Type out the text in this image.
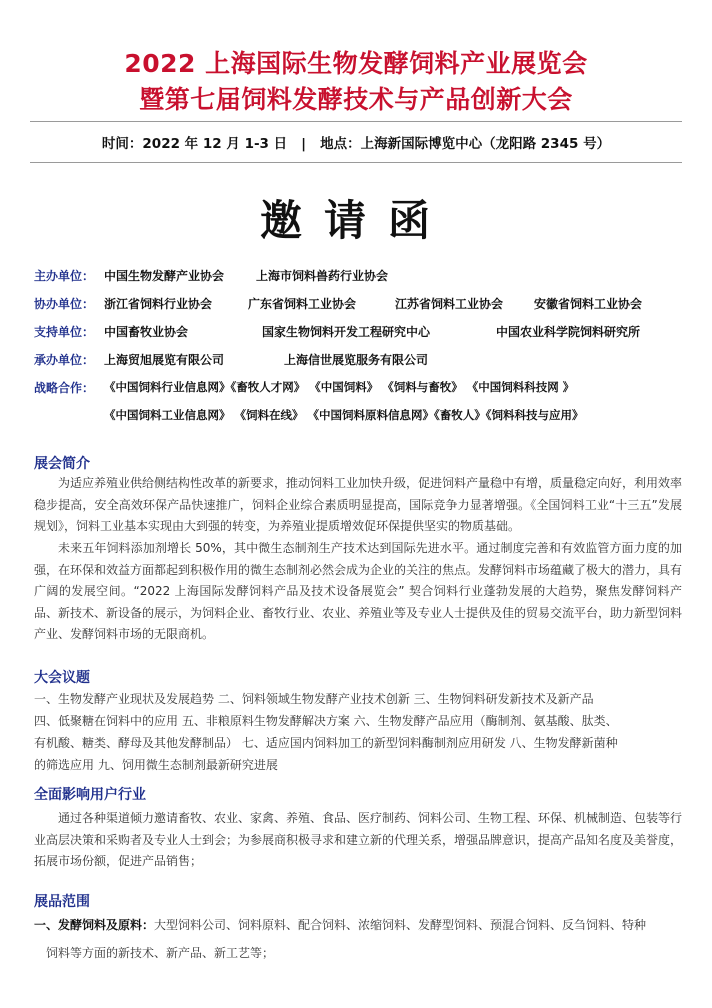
2022 上海国际生物发酵饲料产业展览会
暨第七届饲料发酵技术与产品创新大会
时间：2022 年 12 月 1-3 日 | 地点：上海新国际博览中心（龙阳路 2345 号）
邀请函
主办单位： 中国生物发酵产业协会	上海市饲料兽药行业协会
协办单位： 浙江省饲料行业协会	广东省饲料工业协会	江苏省饲料工业协会	安徽省饲料工业协会
支持单位： 中国畜牧业协会	国家生物饲料开发工程研究中心	中国农业科学院饲料研究所
承办单位： 上海贸旭展览有限公司	上海信世展览服务有限公司
战略合作： 《中国饲料行业信息网》《畜牧人才网》 《中国饲料》 《饲料与畜牧》 《中国饲料科技网 》
《中国饲料工业信息网》 《饲料在线》 《中国饲料原料信息网》《畜牧人》《饲料科技与应用》
展会简介
为适应养殖业供给侧结构性改革的新要求，推动饲料工业加快升级，促进饲料产量稳中有增，质量稳定向好，利用效率稳步提高，安全高效环保产品快速推广，饲料企业综合素质明显提高，国际竞争力显著增强。《全国饲料工业“十三五”发展规划》，饲料工业基本实现由大到强的转变，为养殖业提质增效促环保提供坚实的物质基础。
未来五年饲料添加剂增长 50%，其中微生态制剂生产技术达到国际先进水平。通过制度完善和有效监管方面力度的加强，在环保和效益方面都起到积极作用的微生态制剂必然会成为企业的关注的焦点。发酵饲料市场蕴藏了极大的潜力，具有广阔的发展空间。“2022 上海国际发酵饲料产品及技术设备展览会” 契合饲料行业蓬勃发展的大趋势，聚焦发酵饲料产品、新技术、新设备的展示，为饲料企业、畜牧行业、农业、养殖业等及专业人士提供及佳的贸易交流平台，助力新型饲料产业、发酵饲料市场的无限商机。
大会议题
一、生物发酵产业现状及发展趋势 二、饲料领域生物发酵产业技术创新 三、生物饲料研发新技术及新产品
四、低聚糖在饲料中的应用 五、非粮原料生物发酵解决方案 六、生物发酵产品应用（酶制剂、氨基酸、肽类、
有机酸、糖类、酵母及其他发酵制品） 七、适应国内饲料加工的新型饲料酶制剂应用研发 八、生物发酵新菌种
的筛选应用 九、饲用微生态制剂最新研究进展
全面影响用户行业
通过各种渠道倾力邀请畜牧、农业、家禽、养殖、食品、医疗制药、饲料公司、生物工程、环保、机械制造、包装等行业高层决策和采购者及专业人士到会；为参展商积极寻求和建立新的代理关系，增强品牌意识，提高产品知名度及美誉度，拓展市场份额，促进产品销售；
展品范围
一、发酵饲料及原料：大型饲料公司、饲料原料、配合饲料、浓缩饲料、发酵型饲料、预混合饲料、反刍饲料、特种
饲料等方面的新技术、新产品、新工艺等；
